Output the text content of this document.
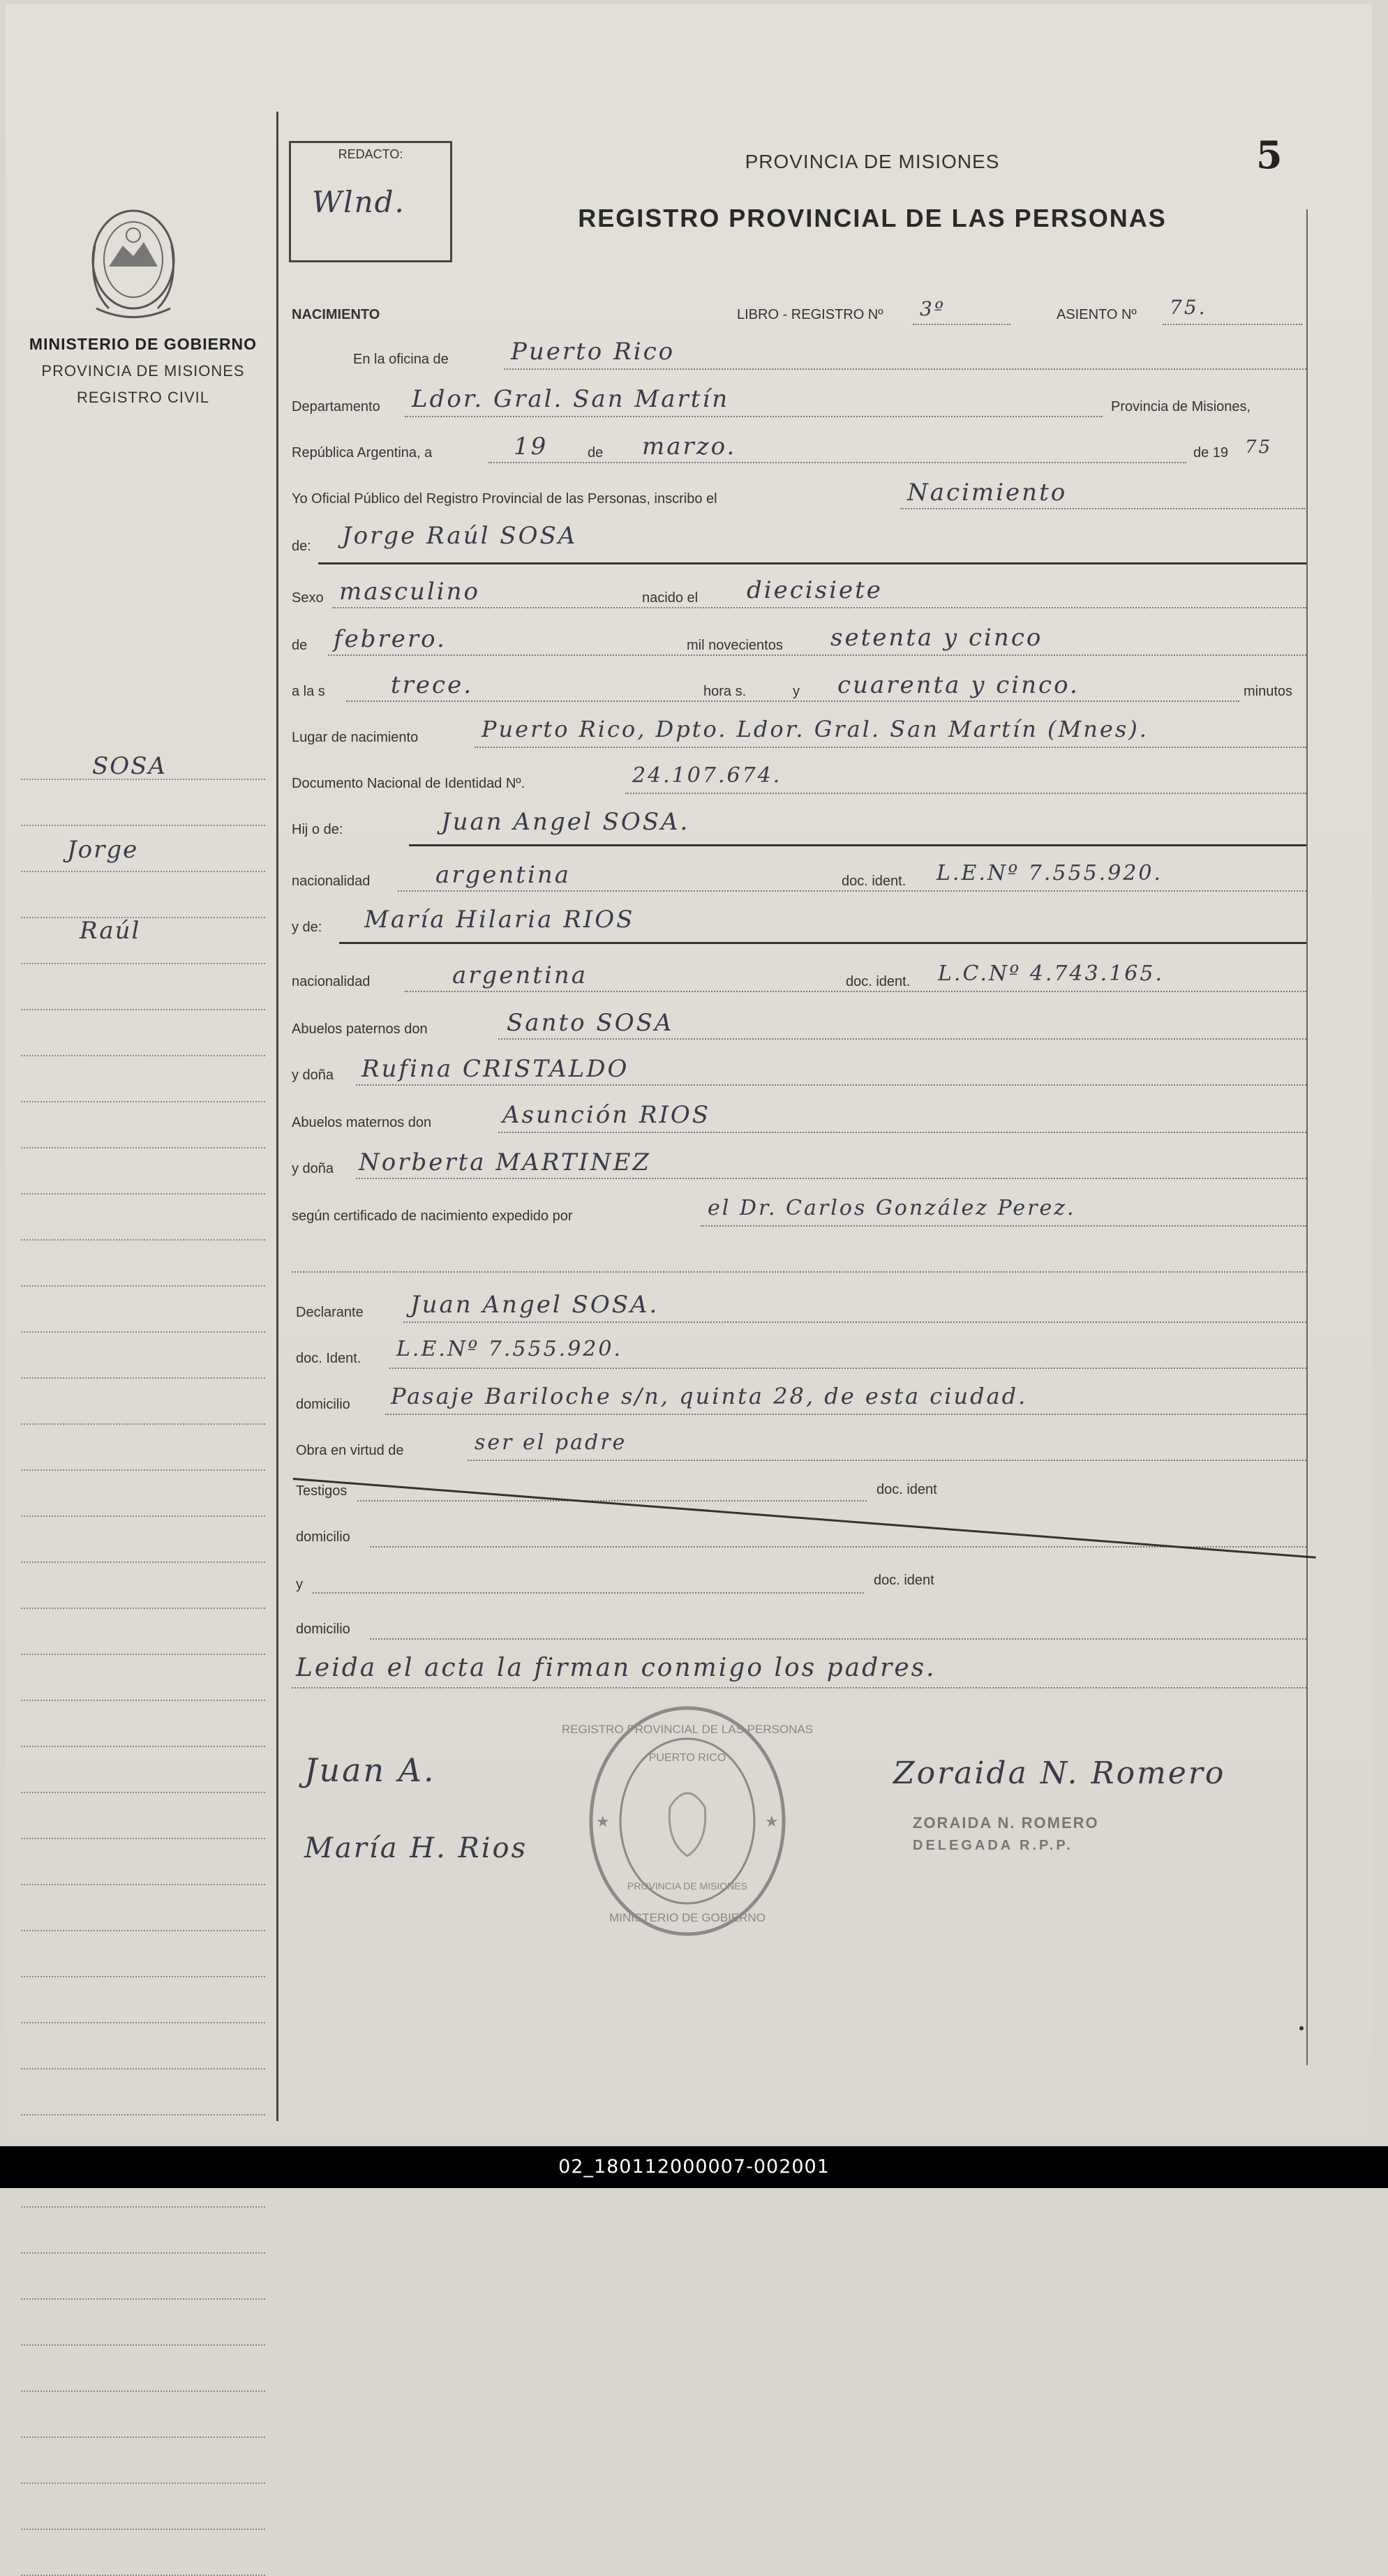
MINISTERIO DE GOBIERNO
PROVINCIA DE MISIONES
REGISTRO CIVIL
SOSA
Jorge
Raúl
REDACTO:
Wlnd.
PROVINCIA DE MISIONES
REGISTRO PROVINCIAL DE LAS PERSONAS
5
NACIMIENTO	LIBRO - REGISTRO Nº 3º	ASIENTO Nº 75.
En la oficina de	Puerto Rico
Departamento Ldor. Gral. San Martín	Provincia de Misiones,
República Argentina, a	19	de marzo.	de 19 75
Yo Oficial Público del Registro Provincial de las Personas, inscribo el	Nacimiento
de: Jorge Raúl SOSA
Sexo masculino	nacido el diecisiete
de febrero.	mil novecientos setenta y cinco
a la s	trece.	hora s.	y cuarenta y cinco.	minutos
Lugar de nacimiento	Puerto Rico, Dpto. Ldor. Gral. San Martín (Mnes).
Documento Nacional de Identidad Nº.	24.107.674.
Hij o de:	Juan Angel SOSA.
nacionalidad	argentina	doc. ident. L.E.Nº 7.555.920.
y de: María Hilaria RIOS
nacionalidad	argentina	doc. ident. L.C.Nº 4.743.165.
Abuelos paternos don	Santo SOSA
y doña Rufina CRISTALDO
Abuelos maternos don	Asunción RIOS
y doña Norberta MARTINEZ
según certificado de nacimiento expedido por	el Dr. Carlos González Perez.
Declarante Juan Angel SOSA.
doc. Ident. L.E.Nº 7.555.920.
domicilio Pasaje Bariloche s/n, quinta 28, de esta ciudad.
Obra en virtud de	ser el padre
Testigos	doc. ident
domicilio
y	doc. ident
domicilio
Leida el acta la firman conmigo los padres.
Juan A.
María H. Rios
Zoraida N. Romero
ZORAIDA N. ROMERO
DELEGADA R.P.P.
REGISTRO PROVINCIAL DE LAS PERSONAS
PUERTO RICO
PROVINCIA DE MISIONES
MINISTERIO DE GOBIERNO
★	★
02_180112000007-002001
